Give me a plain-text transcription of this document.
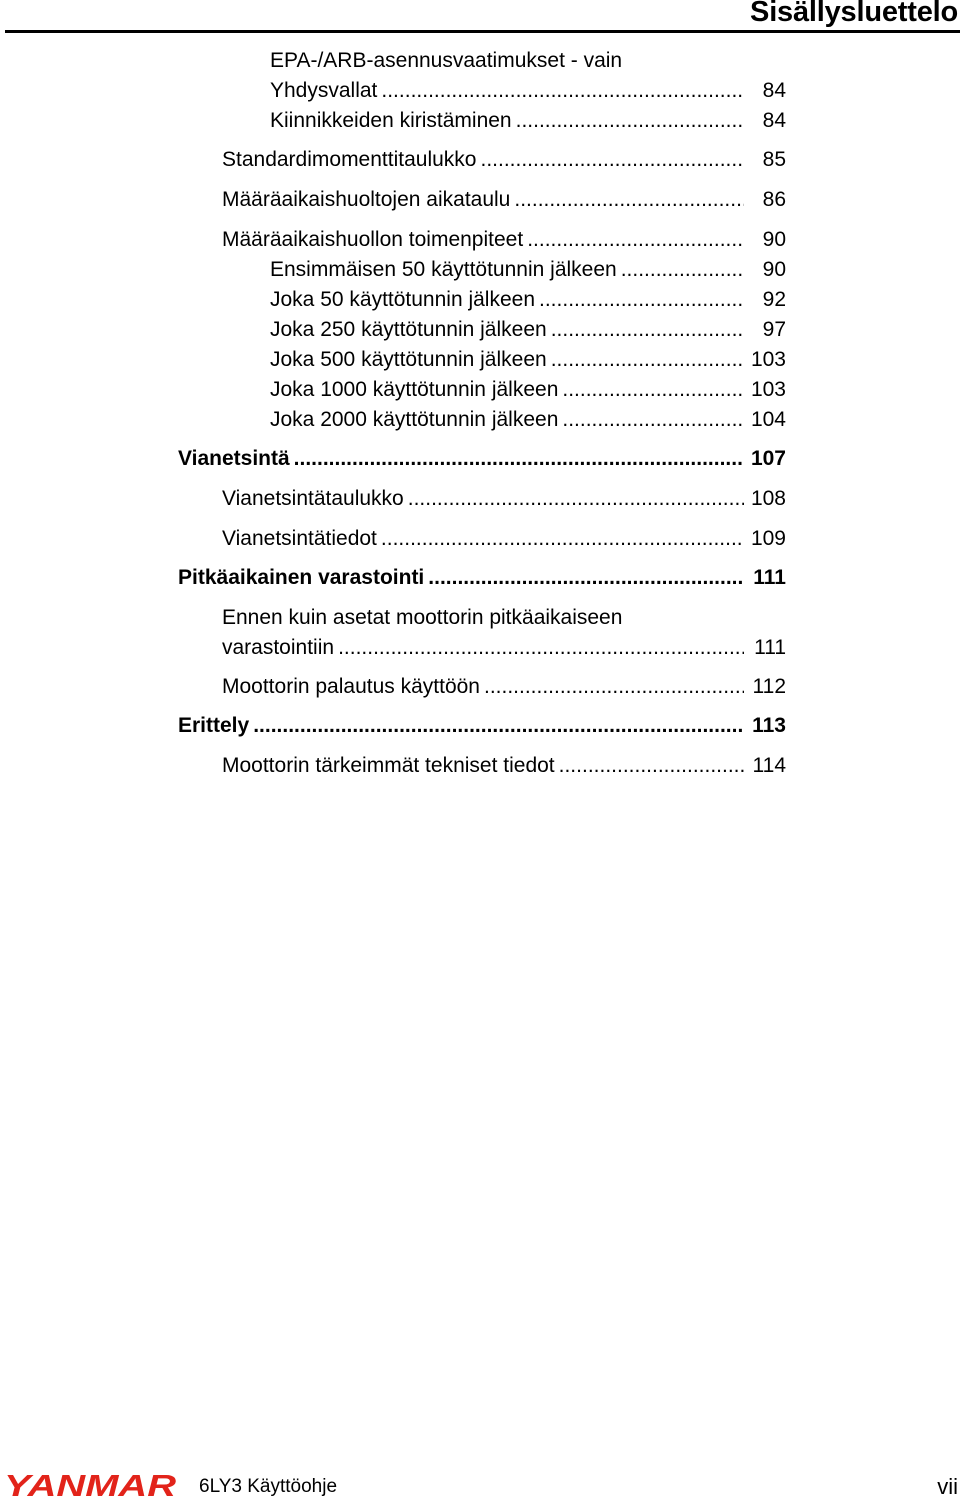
Sisällysluettelo
EPA-/ARB-asennusvaatimukset - vain
Yhdysvallat .....	84
Kiinnikkeiden kiristäminen .....	84
Standardimomenttitaulukko .....	85
Määräaikaishuoltojen aikataulu .....	86
Määräaikaishuollon toimenpiteet .....	90
Ensimmäisen 50 käyttötunnin jälkeen .....	90
Joka 50 käyttötunnin jälkeen .....	92
Joka 250 käyttötunnin jälkeen .....	97
Joka 500 käyttötunnin jälkeen .....	103
Joka 1000 käyttötunnin jälkeen .....	103
Joka 2000 käyttötunnin jälkeen .....	104
Vianetsintä .....	107
Vianetsintätaulukko .....	108
Vianetsintätiedot .....	109
Pitkäaikainen varastointi .....	111
Ennen kuin asetat moottorin pitkäaikaiseen
varastointiin .....	111
Moottorin palautus käyttöön .....	112
Erittely .....	113
Moottorin tärkeimmät tekniset tiedot .....	114
YANMAR 6LY3 Käyttöohje	vii
